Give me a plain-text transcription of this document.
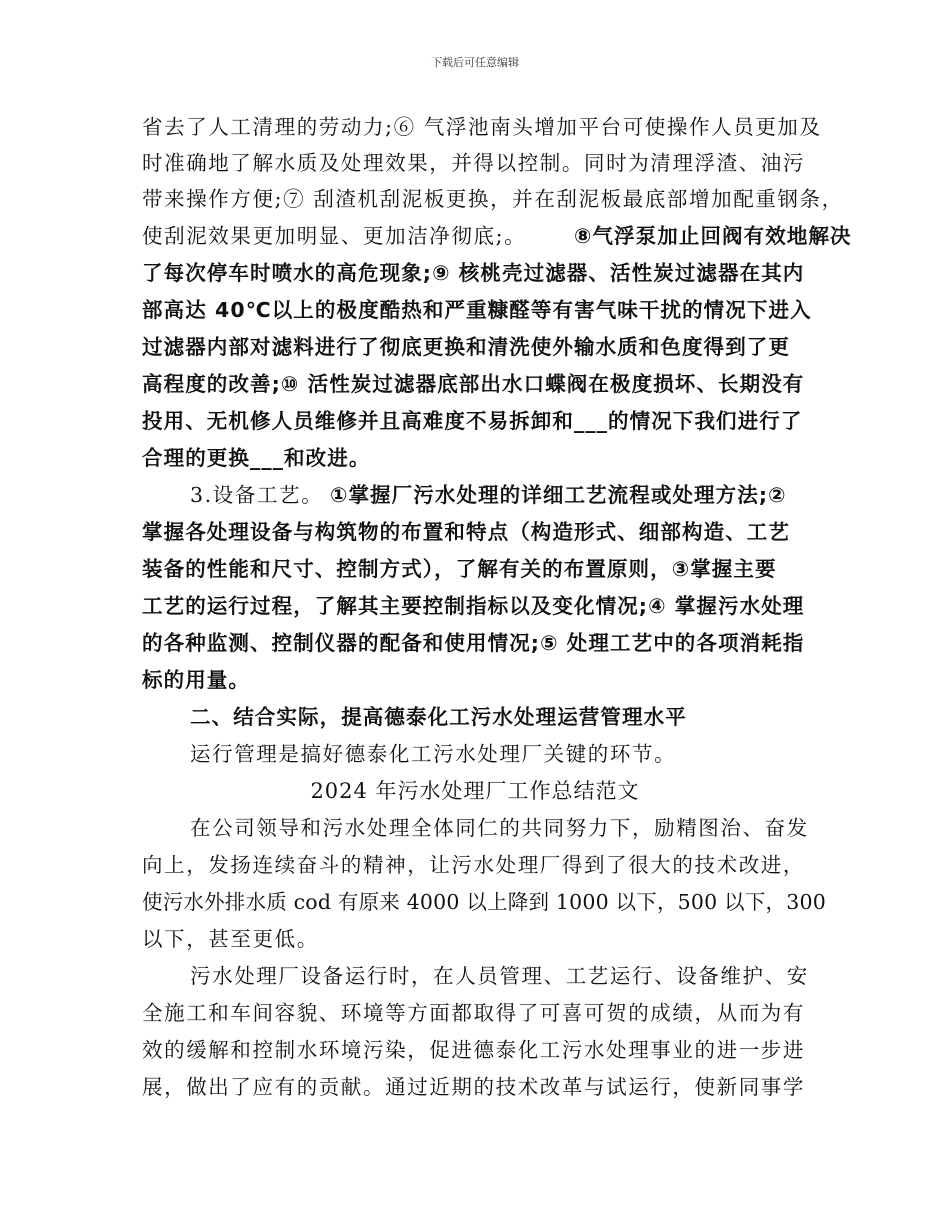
下载后可任意编辑
省去了人工清理的劳动力;⑥ 气浮池南头增加平台可使操作人员更加及
时准确地了解水质及处理效果，并得以控制。同时为清理浮渣、油污
带来操作方便;⑦ 刮渣机刮泥板更换，并在刮泥板最底部增加配重钢条，
使刮泥效果更加明显、更加洁净彻底;。 ⑧气浮泵加止回阀有效地解决
了每次停车时喷水的高危现象;⑨ 核桃壳过滤器、活性炭过滤器在其内
部高达 40℃以上的极度酷热和严重糠醛等有害气味干扰的情况下进入
过滤器内部对滤料进行了彻底更换和清洗使外输水质和色度得到了更
高程度的改善;⑩ 活性炭过滤器底部出水口蝶阀在极度损坏、长期没有
投用、无机修人员维修并且高难度不易拆卸和___的情况下我们进行了
合理的更换___和改进。
3.设备工艺。 ①掌握厂污水处理的详细工艺流程或处理方法;②
掌握各处理设备与构筑物的布置和特点（构造形式、细部构造、工艺
装备的性能和尺寸、控制方式），了解有关的布置原则，③掌握主要
工艺的运行过程，了解其主要控制指标以及变化情况;④ 掌握污水处理
的各种监测、控制仪器的配备和使用情况;⑤ 处理工艺中的各项消耗指
标的用量。
二、结合实际，提高德泰化工污水处理运营管理水平
运行管理是搞好德泰化工污水处理厂关键的环节。
2024 年污水处理厂工作总结范文
在公司领导和污水处理全体同仁的共同努力下，励精图治、奋发
向上，发扬连续奋斗的精神，让污水处理厂得到了很大的技术改进，
使污水外排水质 cod 有原来 4000 以上降到 1000 以下，500 以下，300
以下，甚至更低。
污水处理厂设备运行时，在人员管理、工艺运行、设备维护、安
全施工和车间容貌、环境等方面都取得了可喜可贺的成绩，从而为有
效的缓解和控制水环境污染，促进德泰化工污水处理事业的进一步进
展，做出了应有的贡献。通过近期的技术改革与试运行，使新同事学
